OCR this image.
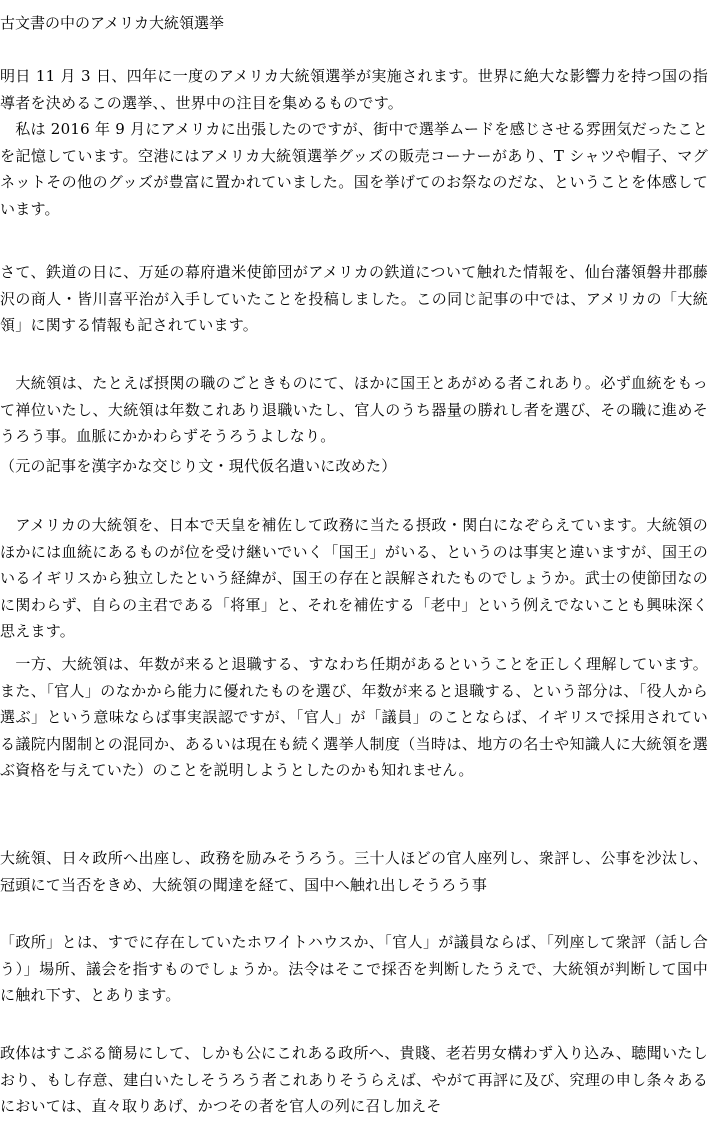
古文書の中のアメリカ大統領選挙

明日 11 月 3 日、四年に一度のアメリカ大統領選挙が実施されます。世界に絶大な影響力を持つ国の指導者を決めるこの選挙、、世界中の注目を集めるものです。

　私は 2016 年 9 月にアメリカに出張したのですが、街中で選挙ムードを感じさせる雰囲気だったことを記憶しています。空港にはアメリカ大統領選挙グッズの販売コーナーがあり、T シャツや帽子、マグネットその他のグッズが豊富に置かれていました。国を挙げてのお祭なのだな、ということを体感しています。

さて、鉄道の日に、万延の幕府遣米使節団がアメリカの鉄道について触れた情報を、仙台藩領磐井郡藤沢の商人・皆川喜平治が入手していたことを投稿しました。この同じ記事の中では、アメリカの「大統領」に関する情報も記されています。

　大統領は、たとえば摂関の職のごときものにて、ほかに国王とあがめる者これあり。必ず血統をもって禅位いたし、大統領は年数これあり退職いたし、官人のうち器量の勝れし者を選び、その職に進めそうろう事。血脈にかかわらずそうろうよしなり。

（元の記事を漢字かな交じり文・現代仮名遣いに改めた）

　アメリカの大統領を、日本で天皇を補佐して政務に当たる摂政・関白になぞらえています。大統領のほかには血統にあるものが位を受け継いでいく「国王」がいる、というのは事実と違いますが、国王のいるイギリスから独立したという経緯が、国王の存在と誤解されたものでしょうか。武士の使節団なのに関わらず、自らの主君である「将軍」と、それを補佐する「老中」という例えでないことも興味深く思えます。

　一方、大統領は、年数が来ると退職する、すなわち任期があるということを正しく理解しています。また、「官人」のなかから能力に優れたものを選び、年数が来ると退職する、という部分は、「役人から選ぶ」という意味ならば事実誤認ですが、「官人」が「議員」のことならば、イギリスで採用されている議院内閣制との混同か、あるいは現在も続く選挙人制度（当時は、地方の名士や知識人に大統領を選ぶ資格を与えていた）のことを説明しようとしたのかも知れません。

大統領、日々政所へ出座し、政務を励みそうろう。三十人ほどの官人座列し、衆評し、公事を沙汰し、冠頭にて当否をきめ、大統領の聞達を経て、国中へ触れ出しそうろう事

「政所」とは、すでに存在していたホワイトハウスか、「官人」が議員ならば、「列座して衆評（話し合う）」場所、議会を指すものでしょうか。法令はそこで採否を判断したうえで、大統領が判断して国中に触れ下す、とあります。

政体はすこぶる簡易にして、しかも公にこれある政所へ、貴賤、老若男女構わず入り込み、聴聞いたしおり、もし存意、建白いたしそうろう者これありそうらえば、やがて再評に及び、究理の申し条々あるにおいては、直々取りあげ、かつその者を官人の列に召し加えそ
